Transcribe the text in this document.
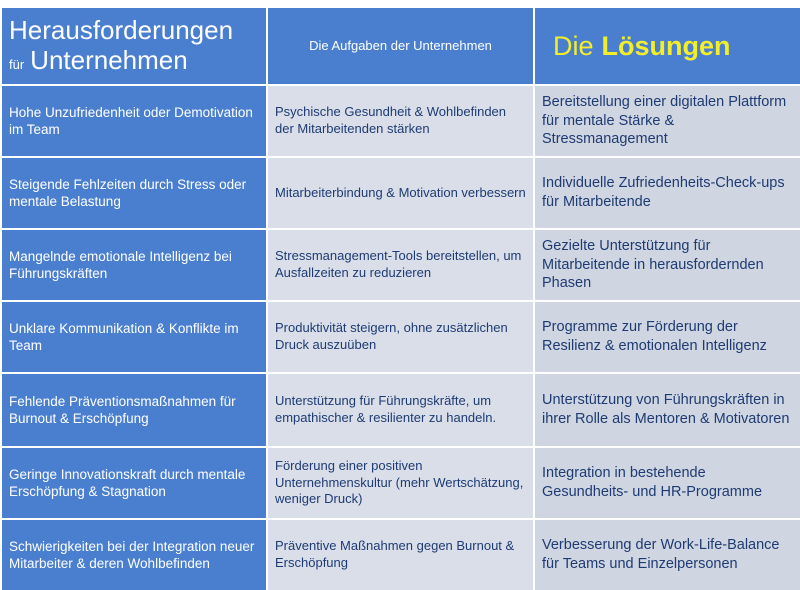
Herausforderungen
für Unternehmen	Die Aufgaben der Unternehmen Die Lösungen
Hohe Unzufriedenheit oder Demotivation im Team
Psychische Gesundheit & Wohlbefinden der Mitarbeitenden stärken
Bereitstellung einer digitalen Plattform für mentale Stärke & Stressmanagement
Steigende Fehlzeiten durch Stress oder mentale Belastung
Mitarbeiterbindung & Motivation verbessern
Individuelle Zufriedenheits-Check-ups für Mitarbeitende
Mangelnde emotionale Intelligenz bei Führungskräften
Stressmanagement-Tools bereitstellen, um Ausfallzeiten zu reduzieren
Gezielte Unterstützung für Mitarbeitende in herausfordernden Phasen
Unklare Kommunikation & Konflikte im Team
Produktivität steigern, ohne zusätzlichen Druck auszuüben
Programme zur Förderung der Resilienz & emotionalen Intelligenz
Fehlende Präventionsmaßnahmen für Burnout & Erschöpfung
Unterstützung für Führungskräfte, um empathischer & resilienter zu handeln.
Unterstützung von Führungskräften in ihrer Rolle als Mentoren & Motivatoren
Geringe Innovationskraft durch mentale Erschöpfung & Stagnation
Förderung einer positiven Unternehmenskultur (mehr Wertschätzung, weniger Druck)
Integration in bestehende Gesundheits- und HR-Programme
Schwierigkeiten bei der Integration neuer Mitarbeiter & deren Wohlbefinden
Präventive Maßnahmen gegen Burnout & Erschöpfung
Verbesserung der Work-Life-Balance für Teams und Einzelpersonen
